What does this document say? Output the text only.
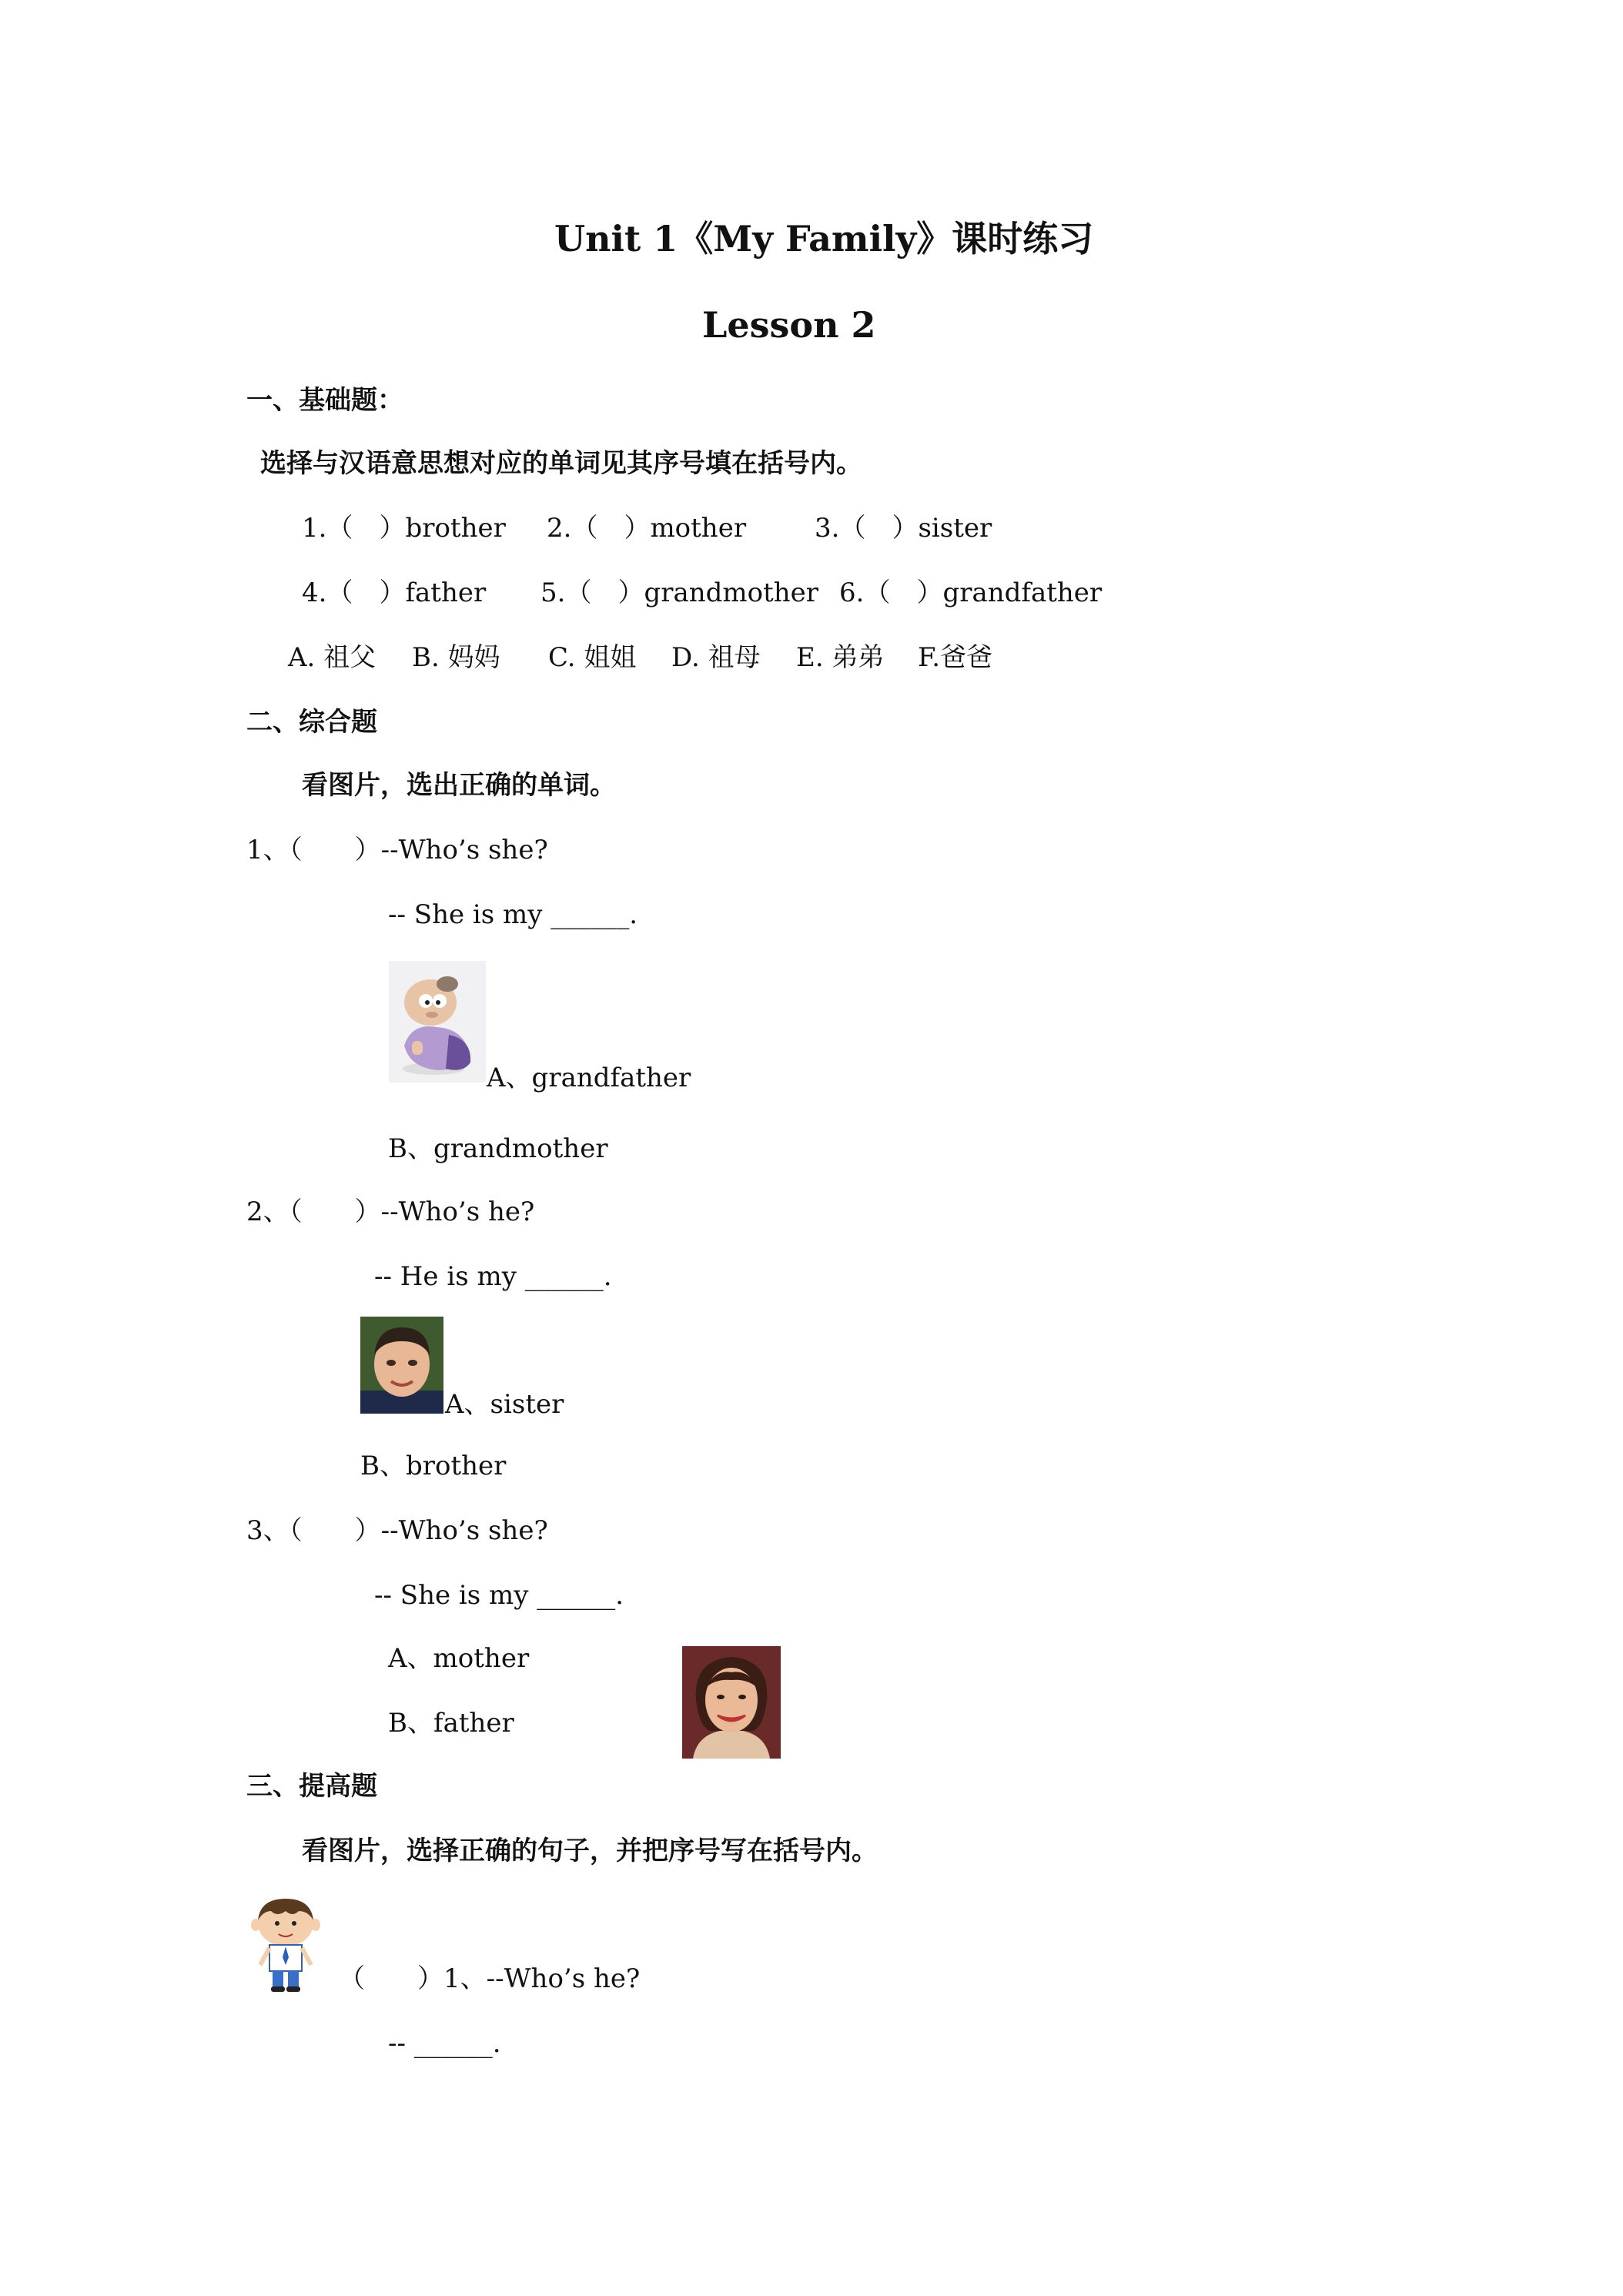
Unit 1《My Family》课时练习
Lesson 2
一、基础题：
选择与汉语意思想对应的单词见其序号填在括号内。
1.（　）brother 2.（　）mother	3.（　）sister
4.（　）father 5.（　）grandmother 6.（　）grandfather
A. 祖父 B. 妈妈 C. 姐姐 D. 祖母 E. 弟弟 F.爸爸
二、综合题
看图片，选出正确的单词。
1、（　　）--Who’s she?
-- She is my ______.
A、grandfather
B、grandmother
2、（　　）--Who’s he?
-- He is my ______.
A、sister
B、brother
3、（　　）--Who’s she?
-- She is my ______.
A、mother
B、father
三、提高题
看图片，选择正确的句子，并把序号写在括号内。
（　　）1、--Who’s he?
-- ______.
